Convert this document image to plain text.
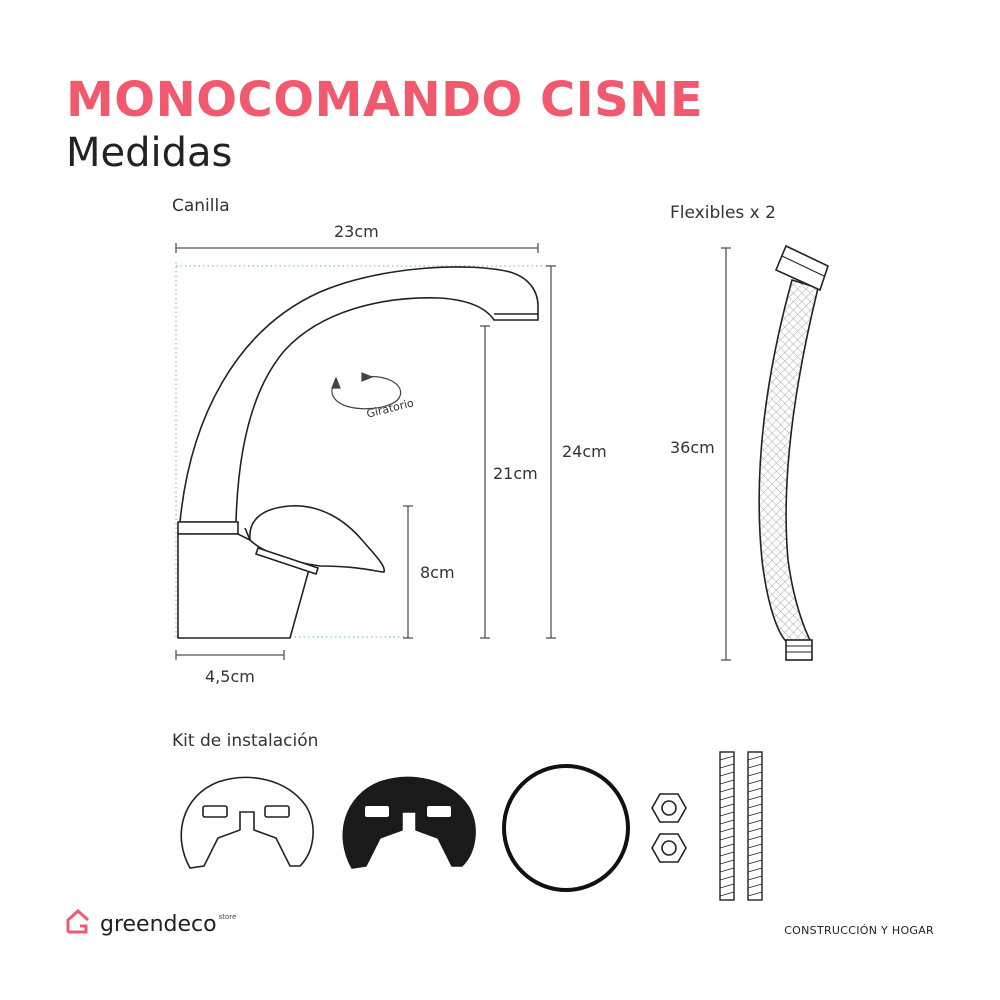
MONOCOMANDO CISNE
Medidas
Canilla	Flexibles x 2
Kit de instalación
23cm
24cm
21cm
8cm
4,5cm
Giratorio
36cm
greendeco store
CONSTRUCCIÓN Y HOGAR
